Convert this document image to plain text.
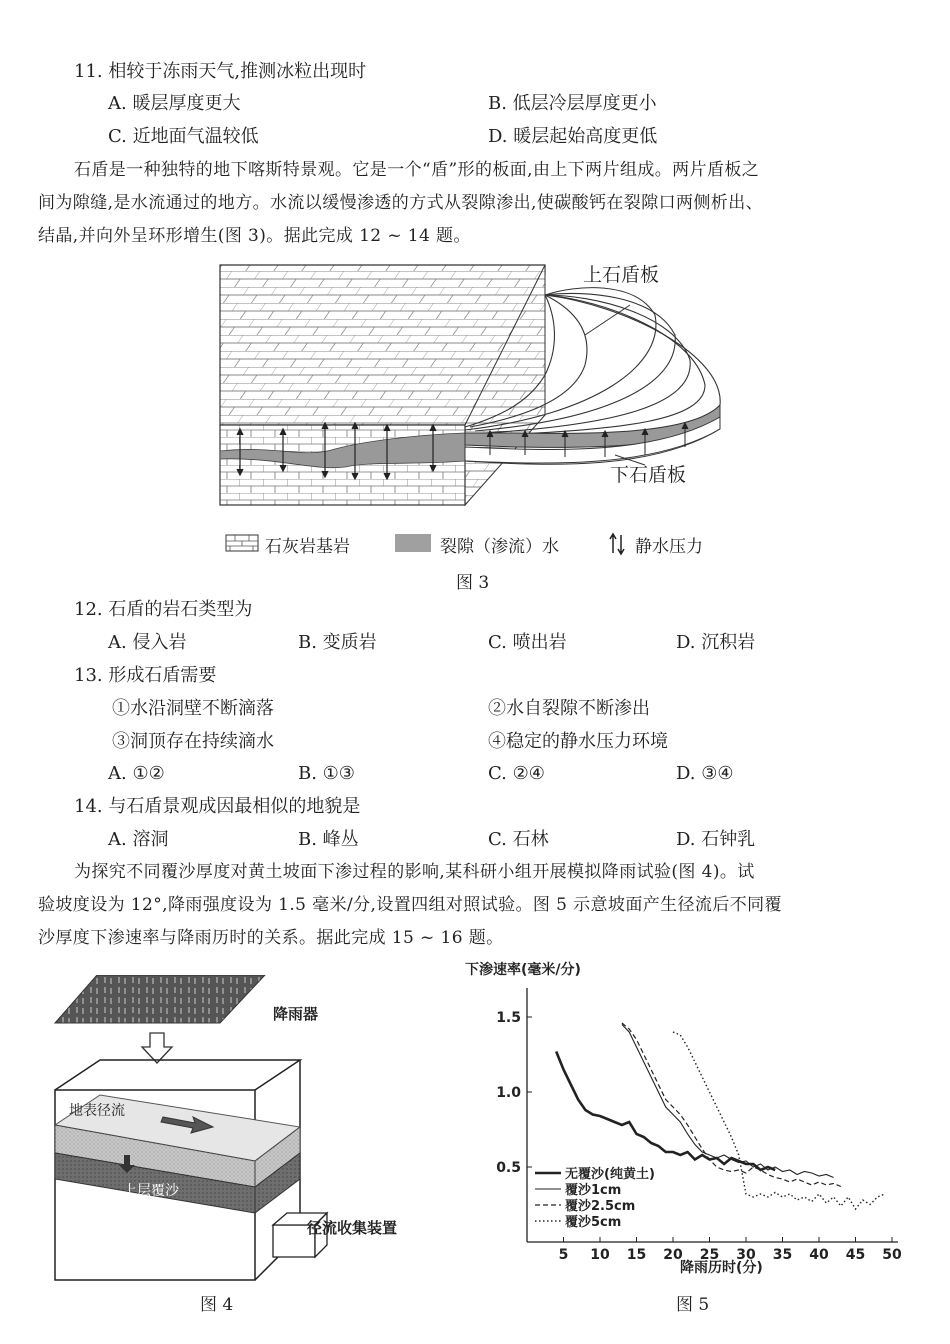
11. 相较于冻雨天气,推测冰粒出现时
A. 暖层厚度更大	B. 低层冷层厚度更小
C. 近地面气温较低	D. 暖层起始高度更低
石盾是一种独特的地下喀斯特景观。它是一个“盾”形的板面,由上下两片组成。两片盾板之
间为隙缝,是水流通过的地方。水流以缓慢渗透的方式从裂隙渗出,使碳酸钙在裂隙口两侧析出、
结晶,并向外呈环形增生(图 3)。据此完成 12 ~ 14 题。
上石盾板
下石盾板
石灰岩基岩	裂隙（渗流）水	静水压力
图 3
12. 石盾的岩石类型为
A. 侵入岩	B. 变质岩	C. 喷出岩	D. 沉积岩
13. 形成石盾需要
①水沿洞壁不断滴落	②水自裂隙不断渗出
③洞顶存在持续滴水	④稳定的静水压力环境
A. ①②	B. ①③	C. ②④	D. ③④
14. 与石盾景观成因最相似的地貌是
A. 溶洞	B. 峰丛	C. 石林	D. 石钟乳
为探究不同覆沙厚度对黄土坡面下渗过程的影响,某科研小组开展模拟降雨试验(图 4)。试
验坡度设为 12°,降雨强度设为 1.5 毫米/分,设置四组对照试验。图 5 示意坡面产生径流后不同覆
沙厚度下渗速率与降雨历时的关系。据此完成 15 ~ 16 题。
降雨器
地表径流
上层覆沙
径流收集装置
图 4
5 10 15 20 25 30 35 40 45 50
0.5
1.0
1.5
无覆沙(纯黄土)
覆沙1cm
覆沙2.5cm
覆沙5cm
下渗速率(毫米/分)
降雨历时(分)
图 5
